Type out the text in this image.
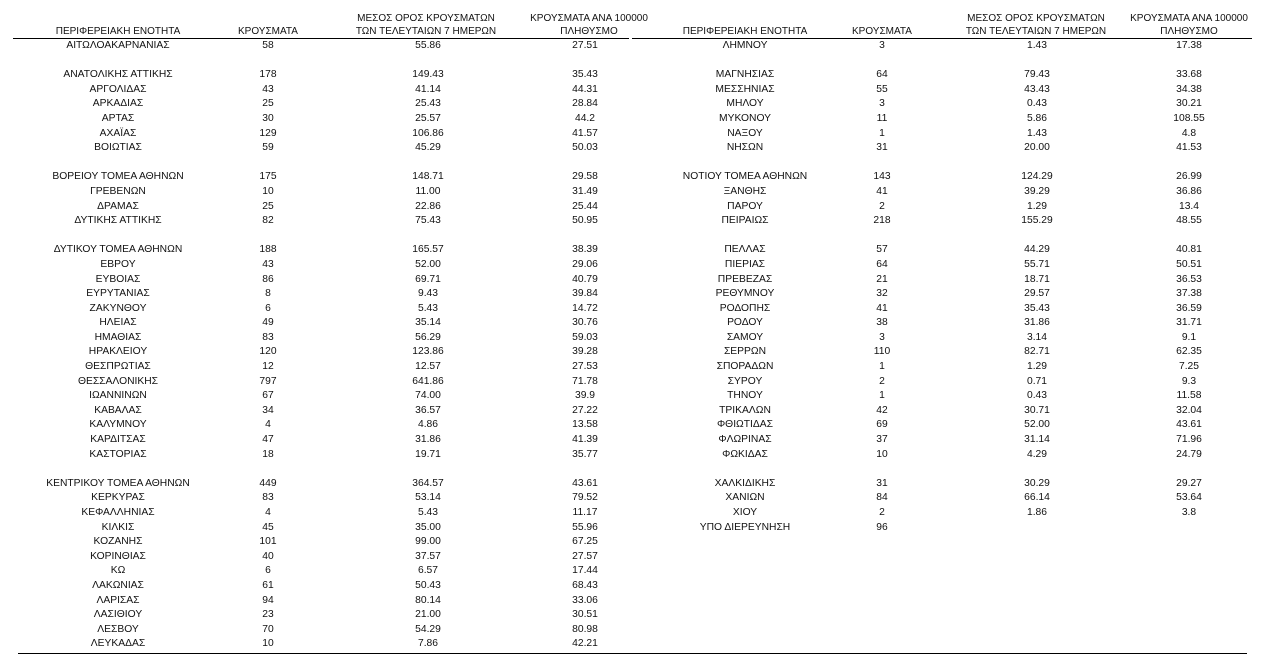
ΠΕΡΙΦΕΡΕΙΑΚΗ ΕΝΟΤΗΤΑ	ΚΡΟΥΣΜΑΤΑ
ΜΕΣΟΣ ΟΡΟΣ ΚΡΟΥΣΜΑΤΩΝ
ΤΩΝ ΤΕΛΕΥΤΑΙΩΝ 7 ΗΜΕΡΩΝ
ΚΡΟΥΣΜΑΤΑ ΑΝΑ 100000
ΠΛΗΘΥΣΜΟ
ΑΙΤΩΛΟΑΚΑΡΝΑΝΙΑΣ	58	55.86	27.51
ΑΝΑΤΟΛΙΚΗΣ ΑΤΤΙΚΗΣ	178	149.43	35.43
ΑΡΓΟΛΙΔΑΣ	43	41.14	44.31
ΑΡΚΑΔΙΑΣ	25	25.43	28.84
ΑΡΤΑΣ	30	25.57	44.2
ΑΧΑΪΑΣ	129	106.86	41.57
ΒΟΙΩΤΙΑΣ	59	45.29	50.03
ΒΟΡΕΙΟΥ ΤΟΜΕΑ ΑΘΗΝΩΝ	175	148.71	29.58
ΓΡΕΒΕΝΩΝ	10	11.00	31.49
ΔΡΑΜΑΣ	25	22.86	25.44
ΔΥΤΙΚΗΣ ΑΤΤΙΚΗΣ	82	75.43	50.95
ΔΥΤΙΚΟΥ ΤΟΜΕΑ ΑΘΗΝΩΝ	188	165.57	38.39
ΕΒΡΟΥ	43	52.00	29.06
ΕΥΒΟΙΑΣ	86	69.71	40.79
ΕΥΡΥΤΑΝΙΑΣ	8	9.43	39.84
ΖΑΚΥΝΘΟΥ	6	5.43	14.72
ΗΛΕΙΑΣ	49	35.14	30.76
ΗΜΑΘΙΑΣ	83	56.29	59.03
ΗΡΑΚΛΕΙΟΥ	120	123.86	39.28
ΘΕΣΠΡΩΤΙΑΣ	12	12.57	27.53
ΘΕΣΣΑΛΟΝΙΚΗΣ	797	641.86	71.78
ΙΩΑΝΝΙΝΩΝ	67	74.00	39.9
ΚΑΒΑΛΑΣ	34	36.57	27.22
ΚΑΛΥΜΝΟΥ	4	4.86	13.58
ΚΑΡΔΙΤΣΑΣ	47	31.86	41.39
ΚΑΣΤΟΡΙΑΣ	18	19.71	35.77
ΚΕΝΤΡΙΚΟΥ ΤΟΜΕΑ ΑΘΗΝΩΝ	449	364.57	43.61
ΚΕΡΚΥΡΑΣ	83	53.14	79.52
ΚΕΦΑΛΛΗΝΙΑΣ	4	5.43	11.17
ΚΙΛΚΙΣ	45	35.00	55.96
ΚΟΖΑΝΗΣ	101	99.00	67.25
ΚΟΡΙΝΘΙΑΣ	40	37.57	27.57
ΚΩ	6	6.57	17.44
ΛΑΚΩΝΙΑΣ	61	50.43	68.43
ΛΑΡΙΣΑΣ	94	80.14	33.06
ΛΑΣΙΘΙΟΥ	23	21.00	30.51
ΛΕΣΒΟΥ	70	54.29	80.98
ΛΕΥΚΑΔΑΣ	10	7.86	42.21
ΠΕΡΙΦΕΡΕΙΑΚΗ ΕΝΟΤΗΤΑ	ΚΡΟΥΣΜΑΤΑ
ΜΕΣΟΣ ΟΡΟΣ ΚΡΟΥΣΜΑΤΩΝ
ΤΩΝ ΤΕΛΕΥΤΑΙΩΝ 7 ΗΜΕΡΩΝ
ΚΡΟΥΣΜΑΤΑ ΑΝΑ 100000
ΠΛΗΘΥΣΜΟ
ΛΗΜΝΟΥ	3	1.43	17.38
ΜΑΓΝΗΣΙΑΣ	64	79.43	33.68
ΜΕΣΣΗΝΙΑΣ	55	43.43	34.38
ΜΗΛΟΥ	3	0.43	30.21
ΜΥΚΟΝΟΥ	11	5.86	108.55
ΝΑΞΟΥ	1	1.43	4.8
ΝΗΣΩΝ	31	20.00	41.53
ΝΟΤΙΟΥ ΤΟΜΕΑ ΑΘΗΝΩΝ	143	124.29	26.99
ΞΑΝΘΗΣ	41	39.29	36.86
ΠΑΡΟΥ	2	1.29	13.4
ΠΕΙΡΑΙΩΣ	218	155.29	48.55
ΠΕΛΛΑΣ	57	44.29	40.81
ΠΙΕΡΙΑΣ	64	55.71	50.51
ΠΡΕΒΕΖΑΣ	21	18.71	36.53
ΡΕΘΥΜΝΟΥ	32	29.57	37.38
ΡΟΔΟΠΗΣ	41	35.43	36.59
ΡΟΔΟΥ	38	31.86	31.71
ΣΑΜΟΥ	3	3.14	9.1
ΣΕΡΡΩΝ	110	82.71	62.35
ΣΠΟΡΑΔΩΝ	1	1.29	7.25
ΣΥΡΟΥ	2	0.71	9.3
ΤΗΝΟΥ	1	0.43	11.58
ΤΡΙΚΑΛΩΝ	42	30.71	32.04
ΦΘΙΩΤΙΔΑΣ	69	52.00	43.61
ΦΛΩΡΙΝΑΣ	37	31.14	71.96
ΦΩΚΙΔΑΣ	10	4.29	24.79
ΧΑΛΚΙΔΙΚΗΣ	31	30.29	29.27
ΧΑΝΙΩΝ	84	66.14	53.64
ΧΙΟΥ	2	1.86	3.8
ΥΠΟ ΔΙΕΡΕΥΝΗΣΗ	96
